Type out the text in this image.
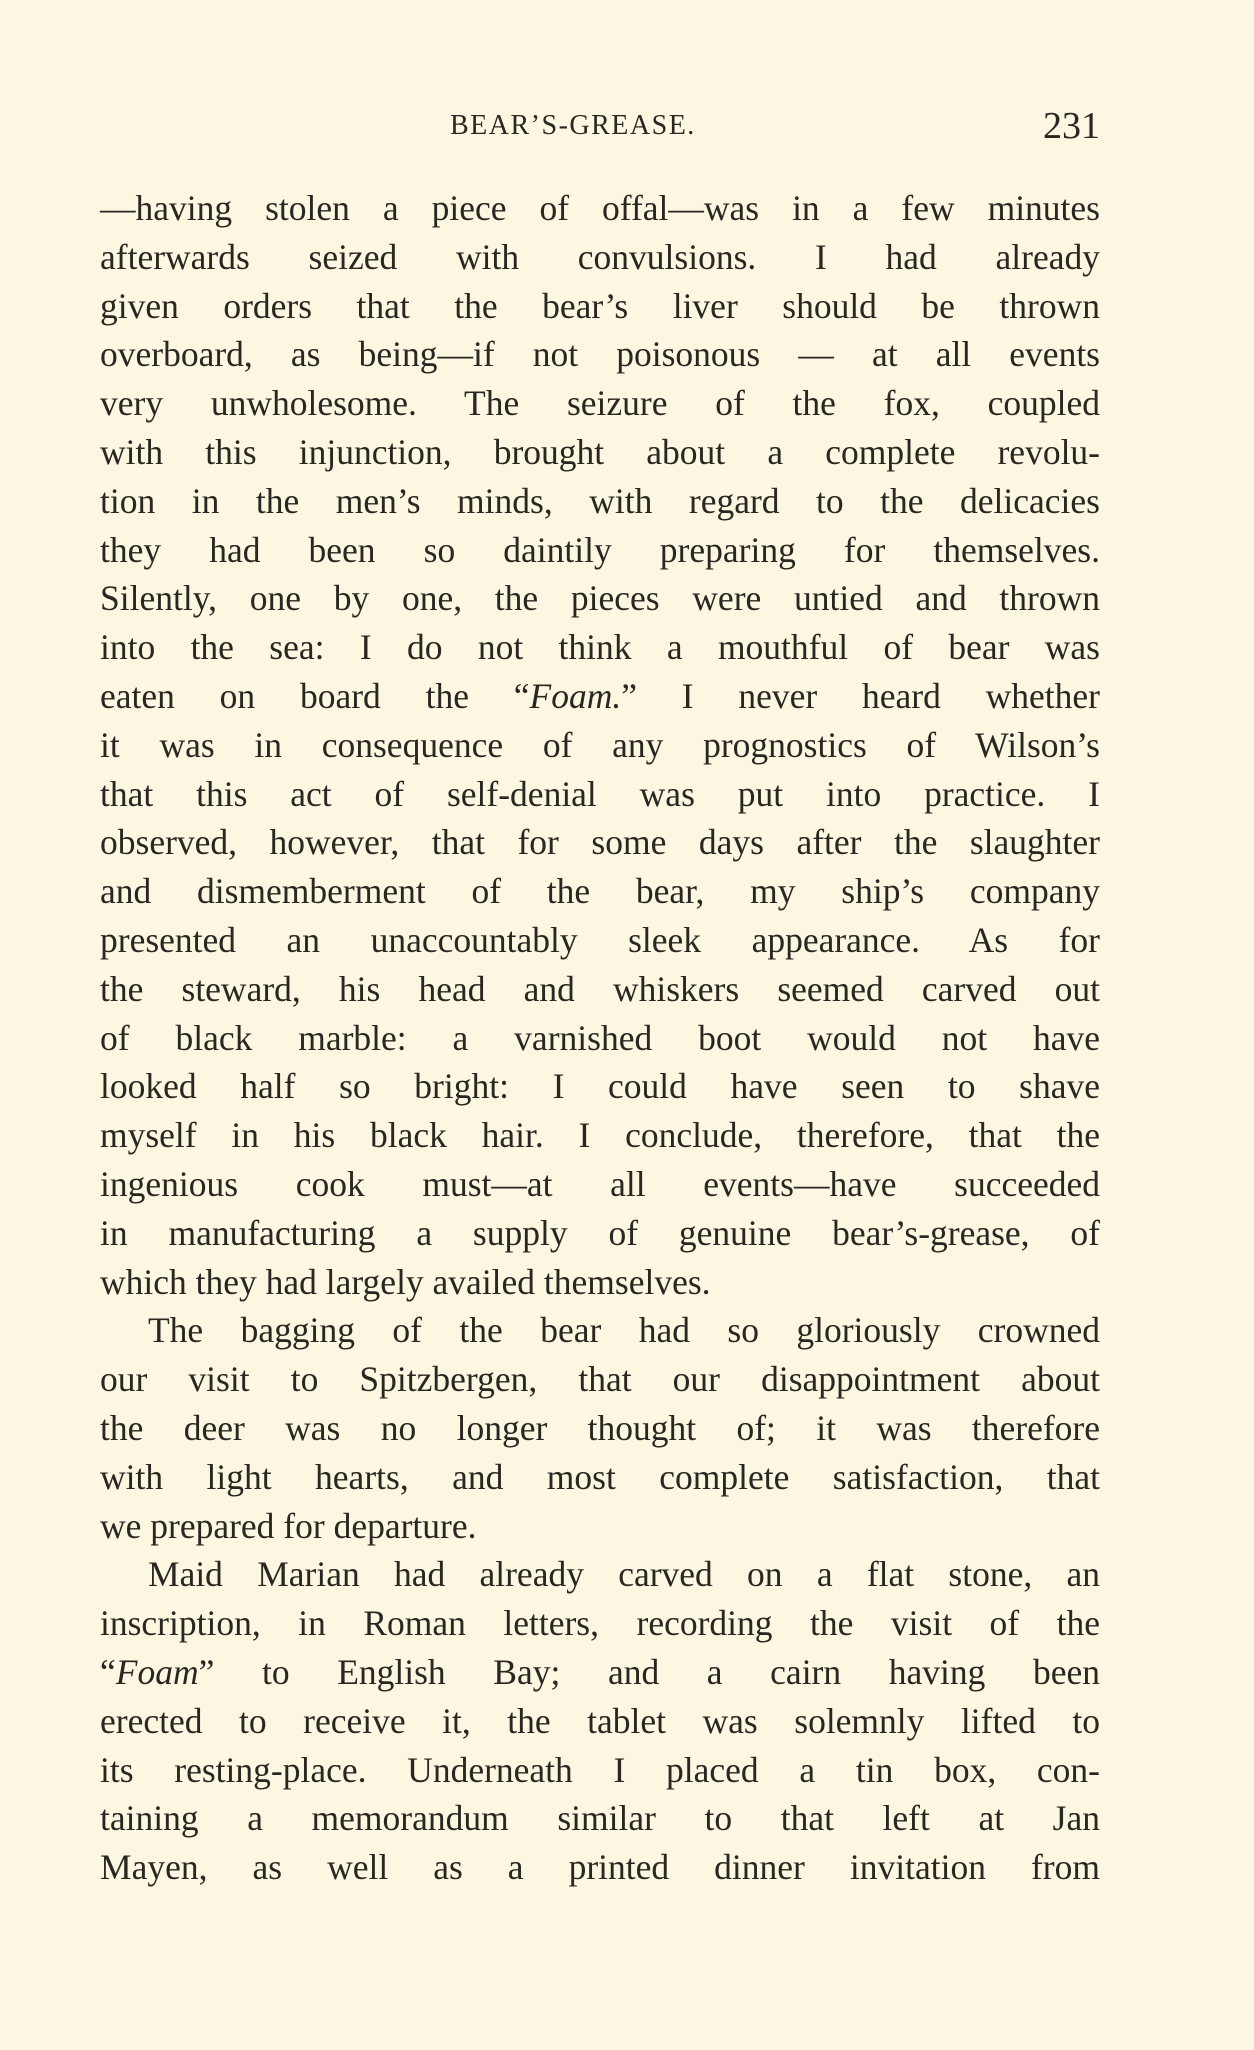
BEAR’S-GREASE.	231
—having stolen a piece of offal—was in a few minutes
afterwards seized with convulsions. I had already
given orders that the bear’s liver should be thrown
overboard, as being—if not poisonous — at all events
very unwholesome. The seizure of the fox, coupled
with this injunction, brought about a complete revolu-
tion in the men’s minds, with regard to the delicacies
they had been so daintily preparing for themselves.
Silently, one by one, the pieces were untied and thrown
into the sea: I do not think a mouthful of bear was
eaten on board the “Foam.” I never heard whether
it was in consequence of any prognostics of Wilson’s
that this act of self-denial was put into practice. I
observed, however, that for some days after the slaughter
and dismemberment of the bear, my ship’s company
presented an unaccountably sleek appearance. As for
the steward, his head and whiskers seemed carved out
of black marble: a varnished boot would not have
looked half so bright: I could have seen to shave
myself in his black hair. I conclude, therefore, that the
ingenious cook must—at all events—have succeeded
in manufacturing a supply of genuine bear’s-grease, of
which they had largely availed themselves.
The bagging of the bear had so gloriously crowned
our visit to Spitzbergen, that our disappointment about
the deer was no longer thought of; it was therefore
with light hearts, and most complete satisfaction, that
we prepared for departure.
Maid Marian had already carved on a flat stone, an
inscription, in Roman letters, recording the visit of the
“Foam” to English Bay; and a cairn having been
erected to receive it, the tablet was solemnly lifted to
its resting-place. Underneath I placed a tin box, con-
taining a memorandum similar to that left at Jan
Mayen, as well as a printed dinner invitation from
